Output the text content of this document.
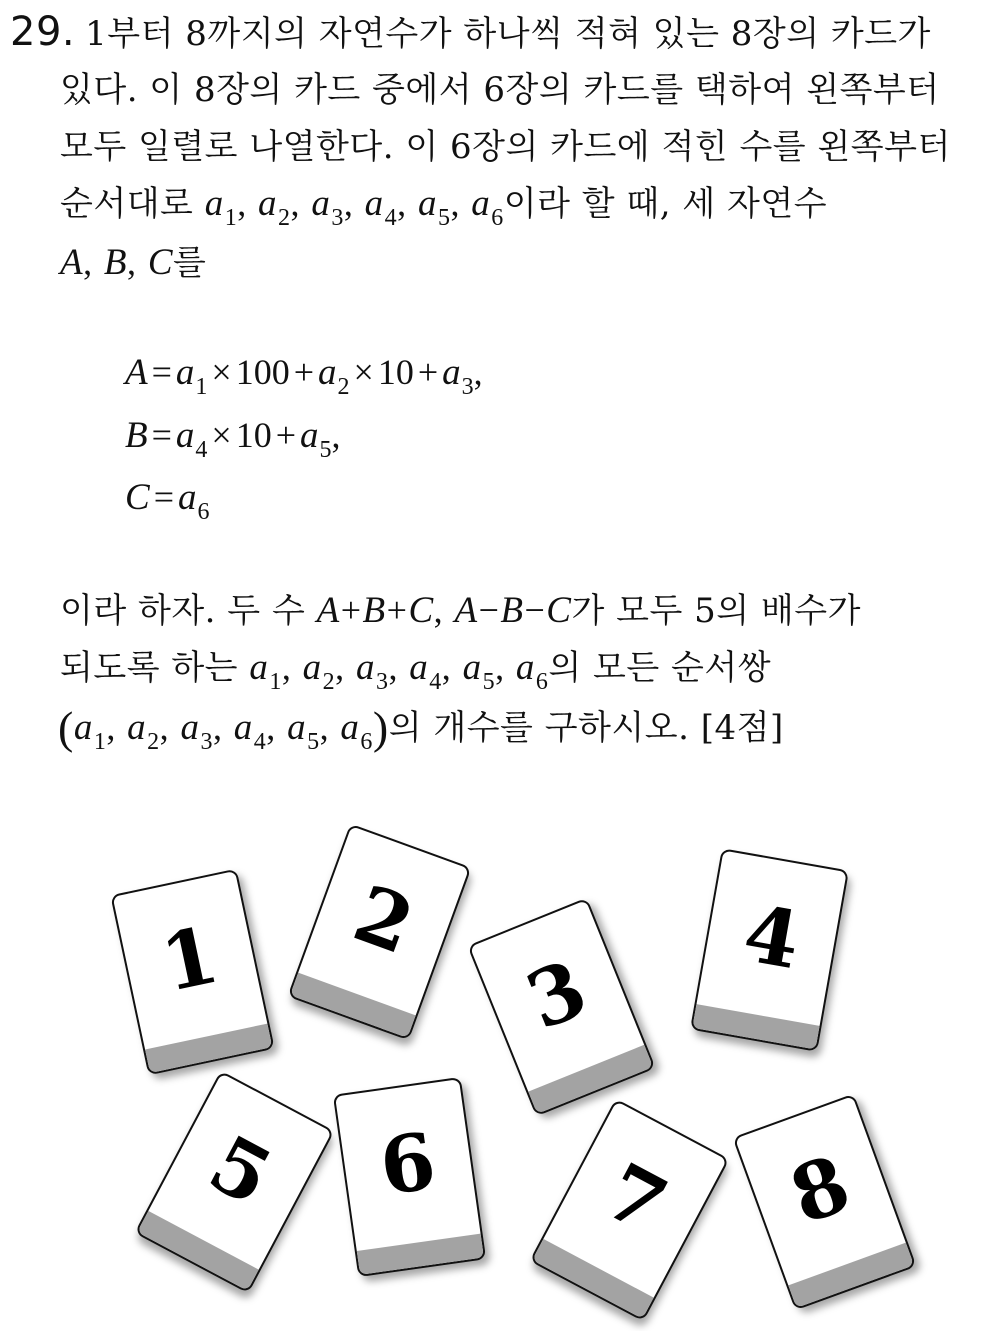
29. 1부터 8까지의 자연수가 하나씩 적혀 있는 8장의 카드가
있다. 이 8장의 카드 중에서 6장의 카드를 택하여 왼쪽부터
모두 일렬로 나열한다. 이 6장의 카드에 적힌 수를 왼쪽부터
순서대로 $a_1$, $a_2$, $a_3$, $a_4$, $a_5$, $a_6$이라 할 때, 세 자연수
A, B, C를
$A = a_1 \times 100 + a_2 \times 10 + a_3$,
$B = a_4 \times 10 + a_5$,
$C = a_6$
이라 하자. 두 수 A+B+C, A−B−C가 모두 5의 배수가
되도록 하는 $a_1$, $a_2$, $a_3$, $a_4$, $a_5$, $a_6$의 모든 순서쌍
($a_1$, $a_2$, $a_3$, $a_4$, $a_5$, $a_6$)의 개수를 구하시오. [4점]
1	2
3
4
5	6	7	8
